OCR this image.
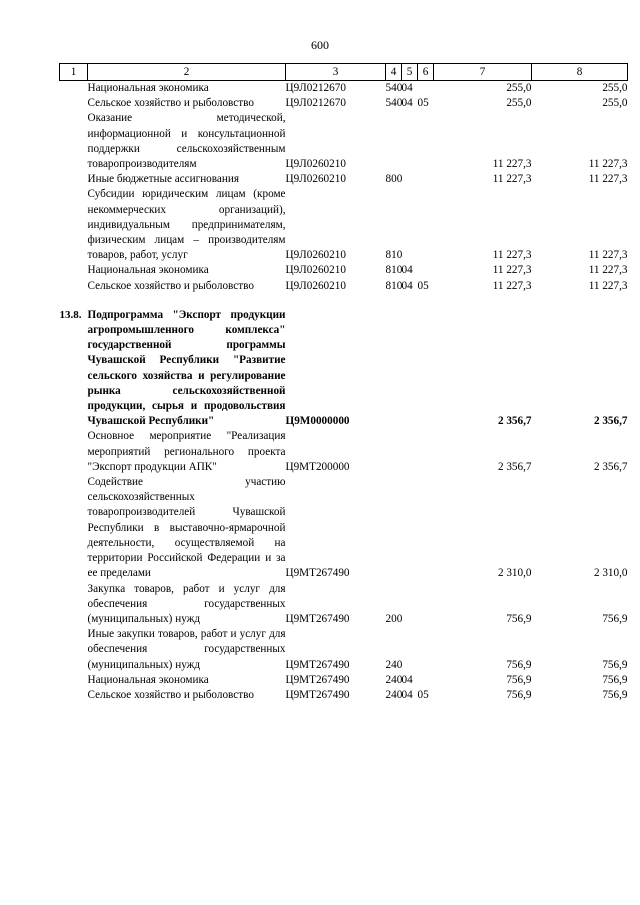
600
1	2	3	4	5	6	7	8
	Национальная экономика	Ц9Л0212670	540	04		255,0	255,0
	Сельское хозяйство и рыболовство	Ц9Л0212670	540	04	05	255,0	255,0
	Оказание методической, информационной и консультационной поддержки сельскохозяйственным товаропроизводителям	Ц9Л0260210				11 227,3	11 227,3
	Иные бюджетные ассигнования	Ц9Л0260210	800			11 227,3	11 227,3
	Субсидии юридическим лицам (кроме некоммерческих организаций), индивидуальным предпринимателям, физическим лицам – производителям товаров, работ, услуг	Ц9Л0260210	810			11 227,3	11 227,3
	Национальная экономика	Ц9Л0260210	810	04		11 227,3	11 227,3
	Сельское хозяйство и рыболовство	Ц9Л0260210	810	04	05	11 227,3	11 227,3

13.8.	Подпрограмма "Экспорт продукции агропромышленного комплекса" государственной программы Чувашской Республики "Развитие сельского хозяйства и регулирование рынка сельскохозяйственной продукции, сырья и продовольствия Чувашской Республики"	Ц9М0000000				2 356,7	2 356,7
	Основное мероприятие "Реализация мероприятий регионального проекта "Экспорт продукции АПК"	Ц9МТ200000				2 356,7	2 356,7
	Содействие участию сельскохозяйственных товаропроизводителей Чувашской Республики в выставочно-ярмарочной деятельности, осуществляемой на территории Российской Федерации и за ее пределами	Ц9МТ267490				2 310,0	2 310,0
	Закупка товаров, работ и услуг для обеспечения государственных (муниципальных) нужд	Ц9МТ267490	200			756,9	756,9
	Иные закупки товаров, работ и услуг для обеспечения государственных (муниципальных) нужд	Ц9МТ267490	240			756,9	756,9
	Национальная экономика	Ц9МТ267490	240	04		756,9	756,9
	Сельское хозяйство и рыболовство	Ц9МТ267490	240	04	05	756,9	756,9
